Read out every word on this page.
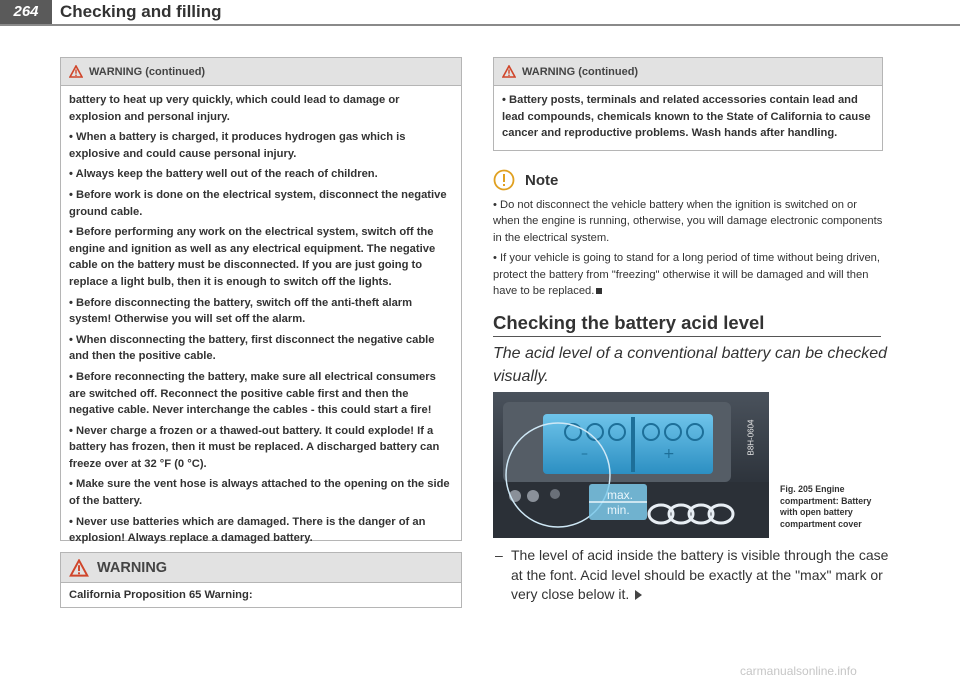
264	Checking and filling
WARNING (continued)

battery to heat up very quickly, which could lead to damage or explosion and personal injury.

• When a battery is charged, it produces hydrogen gas which is explosive and could cause personal injury.

• Always keep the battery well out of the reach of children.

• Before work is done on the electrical system, disconnect the negative ground cable.

• Before performing any work on the electrical system, switch off the engine and ignition as well as any electrical equipment. The negative cable on the battery must be disconnected. If you are just going to replace a light bulb, then it is enough to switch off the lights.

• Before disconnecting the battery, switch off the anti-theft alarm system! Otherwise you will set off the alarm.

• When disconnecting the battery, first disconnect the negative cable and then the positive cable.

• Before reconnecting the battery, make sure all electrical consumers are switched off. Reconnect the positive cable first and then the negative cable. Never interchange the cables - this could start a fire!

• Never charge a frozen or a thawed-out battery. It could explode! If a battery has frozen, then it must be replaced. A discharged battery can freeze over at 32 °F (0 °C).

• Make sure the vent hose is always attached to the opening on the side of the battery.

• Never use batteries which are damaged. There is the danger of an explosion! Always replace a damaged battery.

WARNING
California Proposition 65 Warning:
WARNING (continued)
• Battery posts, terminals and related accessories contain lead and lead compounds, chemicals known to the State of California to cause cancer and reproductive problems. Wash hands after handling.
Note

• Do not disconnect the vehicle battery when the ignition is switched on or when the engine is running, otherwise, you will damage electronic components in the electrical system.

• If your vehicle is going to stand for a long period of time without being driven, protect the battery from "freezing" otherwise it will be damaged and will then have to be replaced.

Checking the battery acid level
The acid level of a conventional battery can be checked visually.
–	+
max.
min.
B8H-0604
Fig. 205 Engine compartment: Battery with open battery compartment cover
– The level of acid inside the battery is visible through the case at the font. Acid level should be exactly at the "max" mark or very close below it.
carmanualsonline.info
